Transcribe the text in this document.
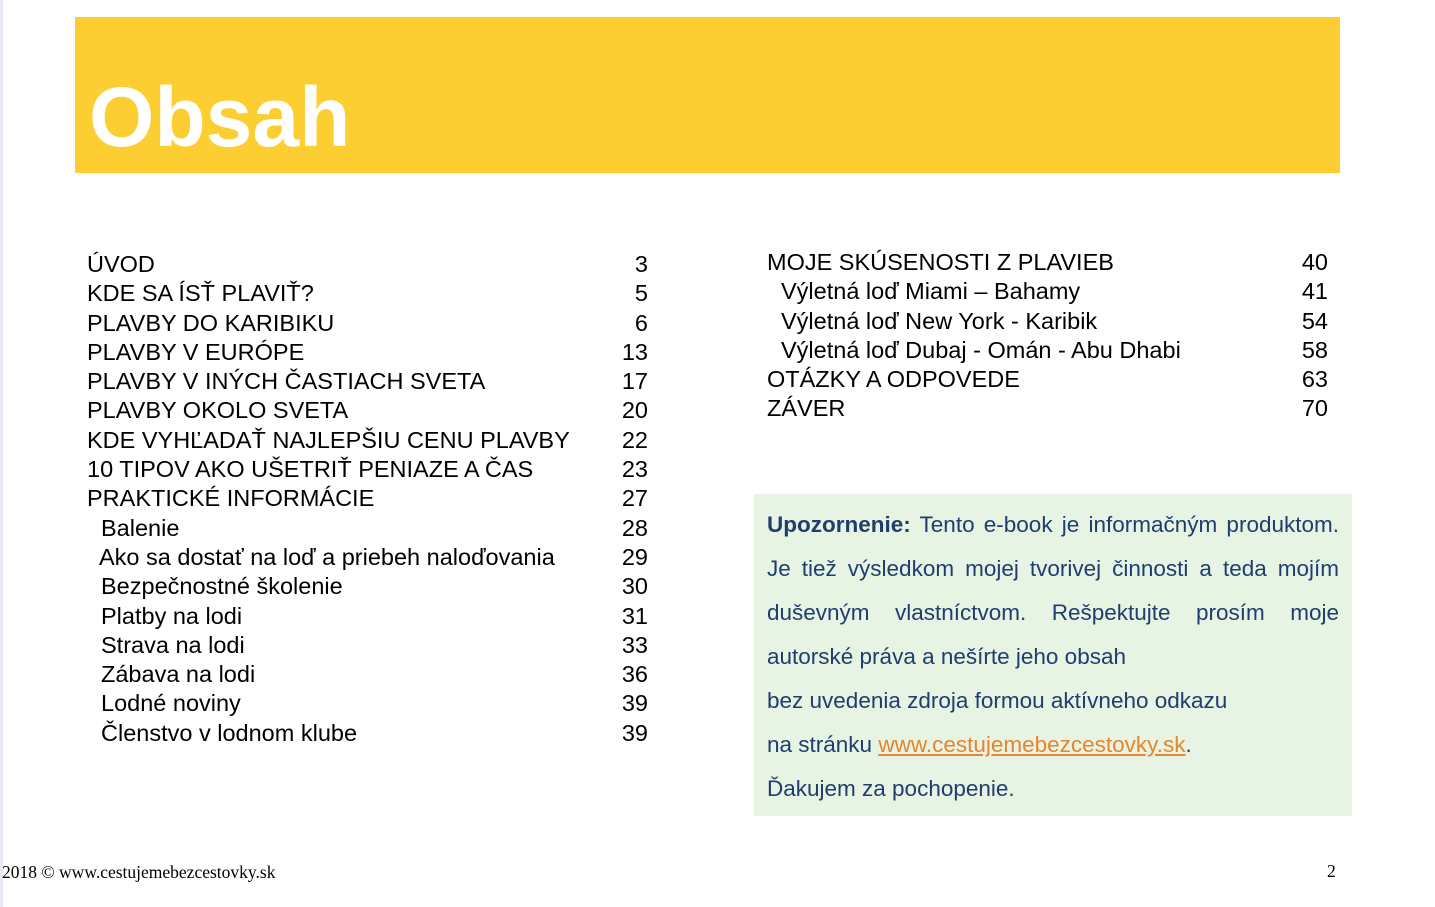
Obsah
ÚVOD	3
KDE SA ÍSŤ PLAVIŤ?	5
PLAVBY DO KARIBIKU	6
PLAVBY V EURÓPE	13
PLAVBY V INÝCH ČASTIACH SVETA	17
PLAVBY OKOLO SVETA	20
KDE VYHĽADAŤ NAJLEPŠIU CENU PLAVBY 22
10 TIPOV AKO UŠETRIŤ PENIAZE A ČAS	23
PRAKTICKÉ INFORMÁCIE	27
Balenie	28
Ako sa dostať na loď a priebeh naloďovania	29
Bezpečnostné školenie	30
Platby na lodi	31
Strava na lodi	33
Zábava na lodi	36
Lodné noviny	39
Členstvo v lodnom klube	39
MOJE SKÚSENOSTI Z PLAVIEB	40
Výletná loď Miami – Bahamy	41
Výletná loď New York - Karibik	54
Výletná loď Dubaj - Omán - Abu Dhabi	58
OTÁZKY A ODPOVEDE	63
ZÁVER	70

Upozornenie: Tento e-book je informačným produktom. Je tiež výsledkom mojej tvorivej činnosti a teda mojím duševným vlastníctvom. Rešpektujte prosím moje autorské práva a nešírte jeho obsah
bez uvedenia zdroja formou aktívneho odkazu
na stránku www.cestujemebezcestovky.sk.
Ďakujem za pochopenie.

2018 © www.cestujemebezcestovky.sk	2
